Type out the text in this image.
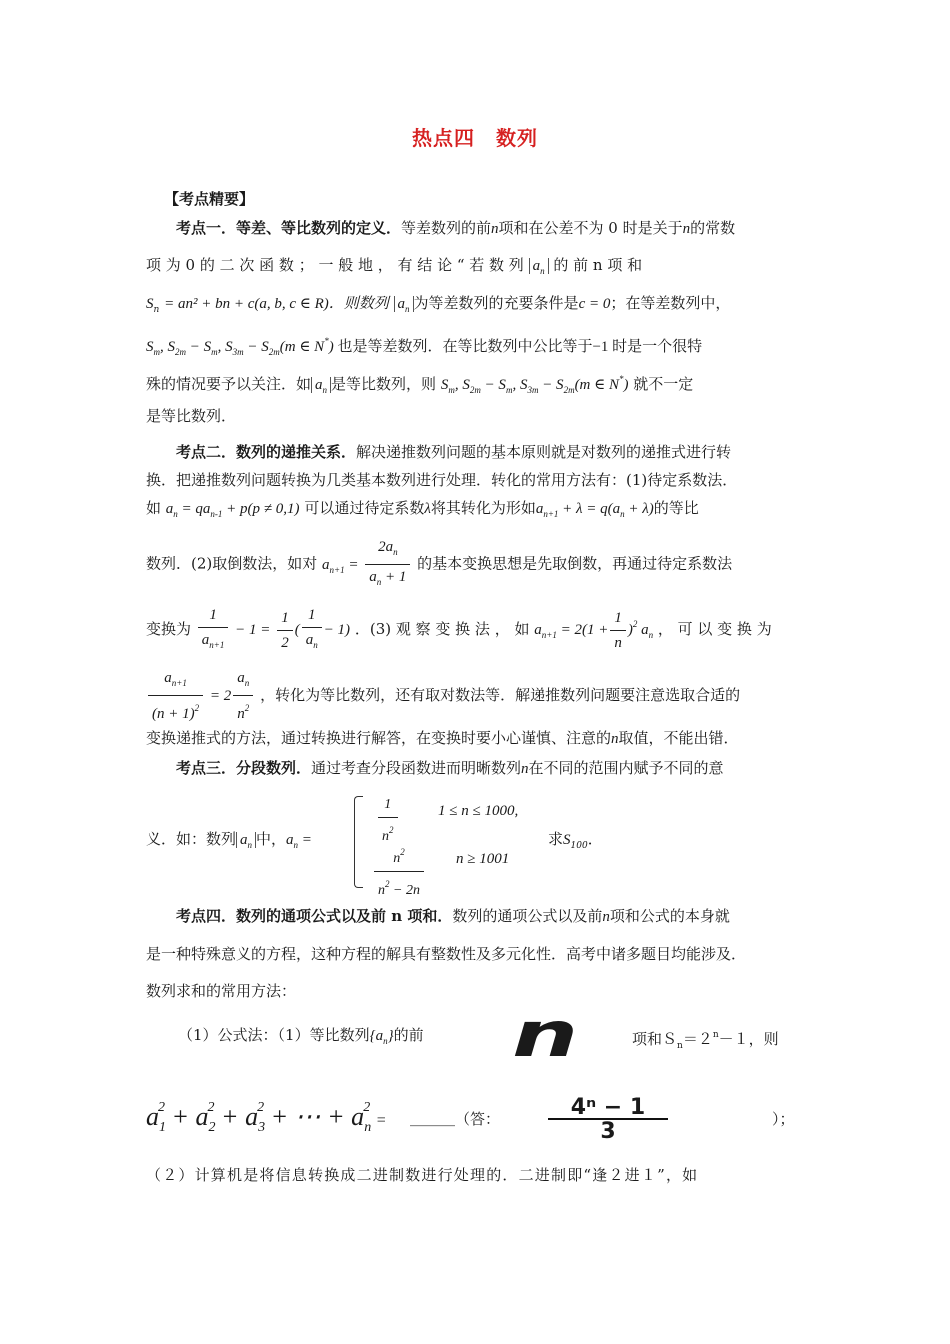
热点四　数列
【考点精要】
考点一．等差、等比数列的定义．等差数列的前n项和在公差不为 0 时是关于n的常数
项 为 0 的 二 次 函 数 ； 一 般 地 ， 有 结 论 “ 若 数 列 $a_n$ 的 前 n 项 和
$S_n = an^2$ + bn + c(a, b, c ∈ R)．则数列 $a_n$ 为等差数列的充要条件是c = 0；在等差数列中，
$S_m$, $S_{2m} - S_m$, $S_{3m} - S_{2m}(m$ ∈ N*) 也是等差数列．在等比数列中公比等于−1 时是一个很特
殊的情况要予以关注．如 $a_n$ 是等比数列，则 $S_m$, $S_{2m} - S_m$, $S_{3m} - S_{2m}(m$ ∈ N*) 就不一定
是等比数列．
考点二．数列的递推关系．解决递推数列问题的基本原则就是对数列的递推式进行转
换．把递推数列问题转换为几类基本数列进行处理．转化的常用方法有：(1)待定系数法．
如 $a_n = qa_{n-1} + p(p \ne 0,1)$ 可以通过待定系数λ将其转化为形如$a_{n+1} + \lambda = q(a_n + \lambda)$的等比
数列．(2)取倒数法，如对 $a_{n+1} = \frac{2a_n}{a_n + 1}$ 的基本变换思想是先取倒数，再通过待定系数法
变换为 $\frac{1}{a_{n+1}} - 1 = \frac{1}{2}$ ( $\frac{1}{a_n} - 1$) ．(3) 观 察 变 换 法 ， 如 $a_{n+1} = 2(1 + \frac{1}{n} )^2$ $a_n$ ， 可 以 变 换 为
$\frac{a_{n+1}}{(n + 1)^2} = 2 \frac{a_n}{n^2}$ ，转化为等比数列，还有取对数法等．解递推数列问题要注意选取合适的
变换递推式的方法，通过转换进行解答，在变换时要小心谨慎、注意的n取值，不能出错．
考点三．分段数列．通过考查分段函数进而明晰数列n在不同的范围内赋予不同的意
义．如：数列 $a_n$ 中，$a_n$ =	$\frac{1}{n^2}$	1 ≤ n ≤ 1000,
$\frac{n^2}{n^2 - 2n}$ n ≥ 1001
求$S_{100}$．
考点四．数列的通项公式以及前 n 项和．数列的通项公式以及前n项和公式的本身就
是一种特殊意义的方程，这种方程的解具有整数性及多元化性．高考中诸多题目均能涉及．
数列求和的常用方法：
（1）公式法：（1）等比数列$\{a_n\}$的前 n	项和$S_n=2^n-1$，则
$a_1^2 + a_2^2 + a_3^2$ + ⋯ + $a_n^2$ = ＿＿＿（答： $\frac{\text{4ⁿ − 1}}{3}$	）；
（２）计算机是将信息转换成二进制数进行处理的．二进制即“逢２进１”，如
